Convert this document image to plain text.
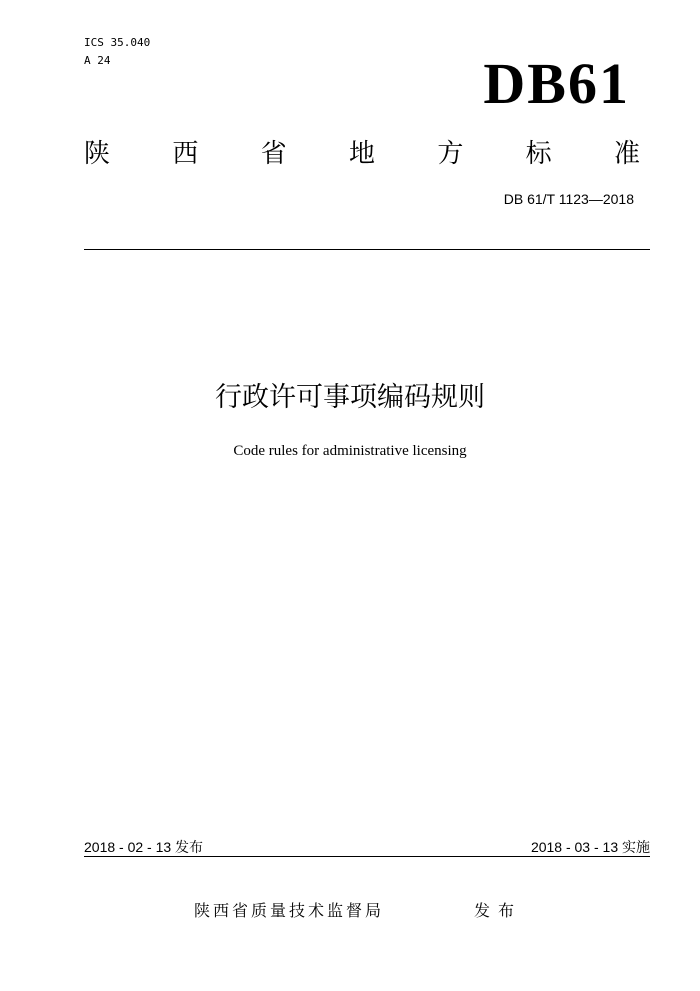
ICS 35.040
A 24	DB61
陕 西 省 地 方 标 准
DB 61/T 1123—2018
行政许可事项编码规则
Code rules for administrative licensing
2018 - 02 - 13 发布	2018 - 03 - 13 实施
陕西省质量技术监督局	发布
